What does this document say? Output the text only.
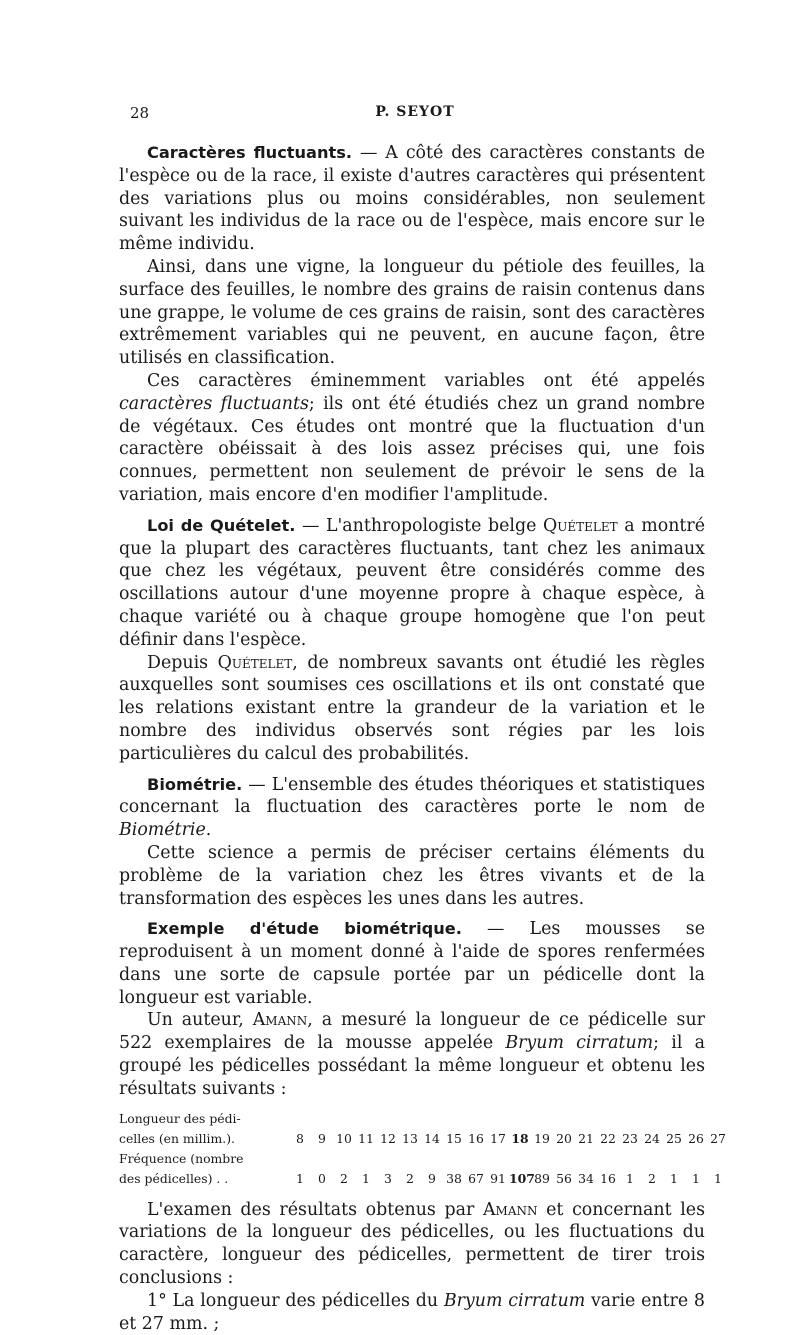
28	P. SEYOT

Caractères fluctuants. — A côté des caractères constants de l'espèce ou de la race, il existe d'autres caractères qui présentent des variations plus ou moins considérables, non seulement suivant les individus de la race ou de l'espèce, mais encore sur le même individu.

Ainsi, dans une vigne, la longueur du pétiole des feuilles, la surface des feuilles, le nombre des grains de raisin contenus dans une grappe, le volume de ces grains de raisin, sont des caractères extrêmement variables qui ne peuvent, en aucune façon, être utilisés en classification.

Ces caractères éminemment variables ont été appelés caractères fluctuants; ils ont été étudiés chez un grand nombre de végétaux. Ces études ont montré que la fluctuation d'un caractère obéissait à des lois assez précises qui, une fois connues, permettent non seulement de prévoir le sens de la variation, mais encore d'en modifier l'amplitude.

Loi de Quételet. — L'anthropologiste belge Quételet a montré que la plupart des caractères fluctuants, tant chez les animaux que chez les végétaux, peuvent être considérés comme des oscillations autour d'une moyenne propre à chaque espèce, à chaque variété ou à chaque groupe homogène que l'on peut définir dans l'espèce.

Depuis Quételet, de nombreux savants ont étudié les règles auxquelles sont soumises ces oscillations et ils ont constaté que les relations existant entre la grandeur de la variation et le nombre des individus observés sont régies par les lois particulières du calcul des probabilités.

Biométrie. — L'ensemble des études théoriques et statistiques concernant la fluctuation des caractères porte le nom de Biométrie.

Cette science a permis de préciser certains éléments du problème de la variation chez les êtres vivants et de la transformation des espèces les unes dans les autres.

Exemple d'étude biométrique. — Les mousses se reproduisent à un moment donné à l'aide de spores renfermées dans une sorte de capsule portée par un pédicelle dont la longueur est variable.

Un auteur, Amann, a mesuré la longueur de ce pédicelle sur 522 exemplaires de la mousse appelée Bryum cirratum; il a groupé les pédicelles possédant la même longueur et obtenu les résultats suivants :

Longueur des pédi-
celles (en millim.).	8	9 10 11 12 13 14 15 16 17 18 19 20 21 22 23 24 25 26 27
Fréquence (nombre
des pédicelles) . .	1	0	2	1	3	2	9 38 67 91 107 89 56 34 16 1	2	1	1	1

L'examen des résultats obtenus par Amann et concernant les variations de la longueur des pédicelles, ou les fluctuations du caractère, longueur des pédicelles, permettent de tirer trois conclusions :

1° La longueur des pédicelles du Bryum cirratum varie entre 8 et 27 mm. ;
